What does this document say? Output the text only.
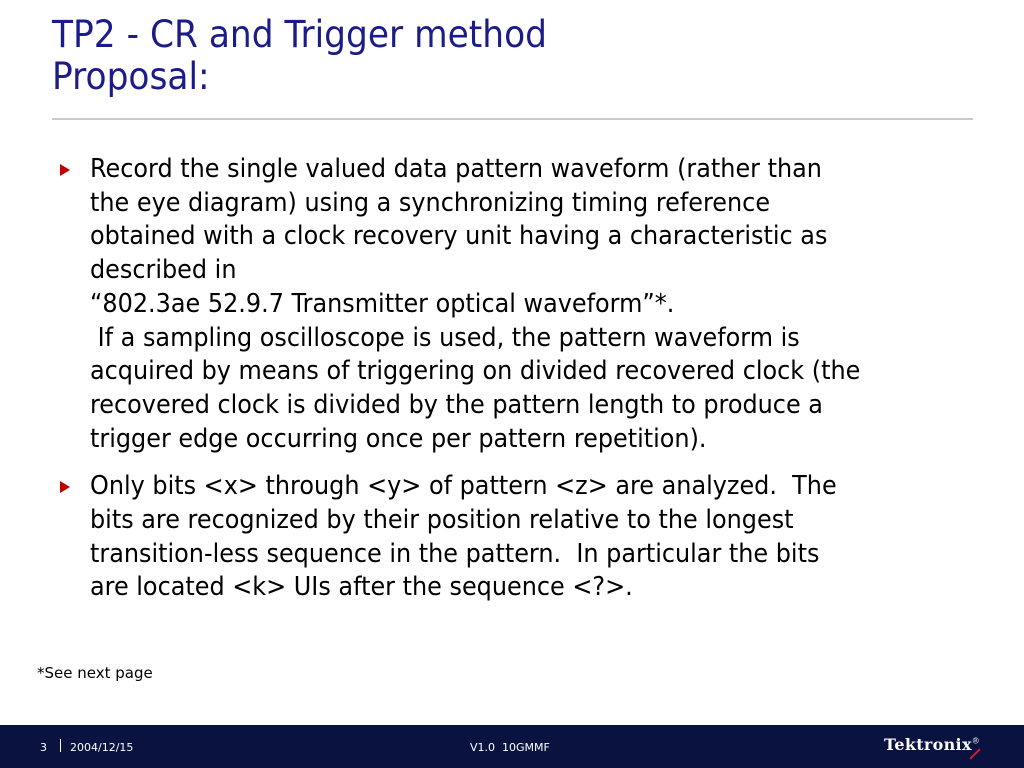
TP2 - CR and Trigger method
Proposal:
Record the single valued data pattern waveform (rather than
the eye diagram) using a synchronizing timing reference
obtained with a clock recovery unit having a characteristic as
described in
“802.3ae 52.9.7 Transmitter optical waveform”*.
If a sampling oscilloscope is used, the pattern waveform is
acquired by means of triggering on divided recovered clock (the
recovered clock is divided by the pattern length to produce a
trigger edge occurring once per pattern repetition).
Only bits <x> through <y> of pattern <z> are analyzed.  The
bits are recognized by their position relative to the longest
transition-less sequence in the pattern.  In particular the bits
are located <k> UIs after the sequence <?>.
*See next page
3 2004/12/15	V1.0  10GMMF	Tektronix®
